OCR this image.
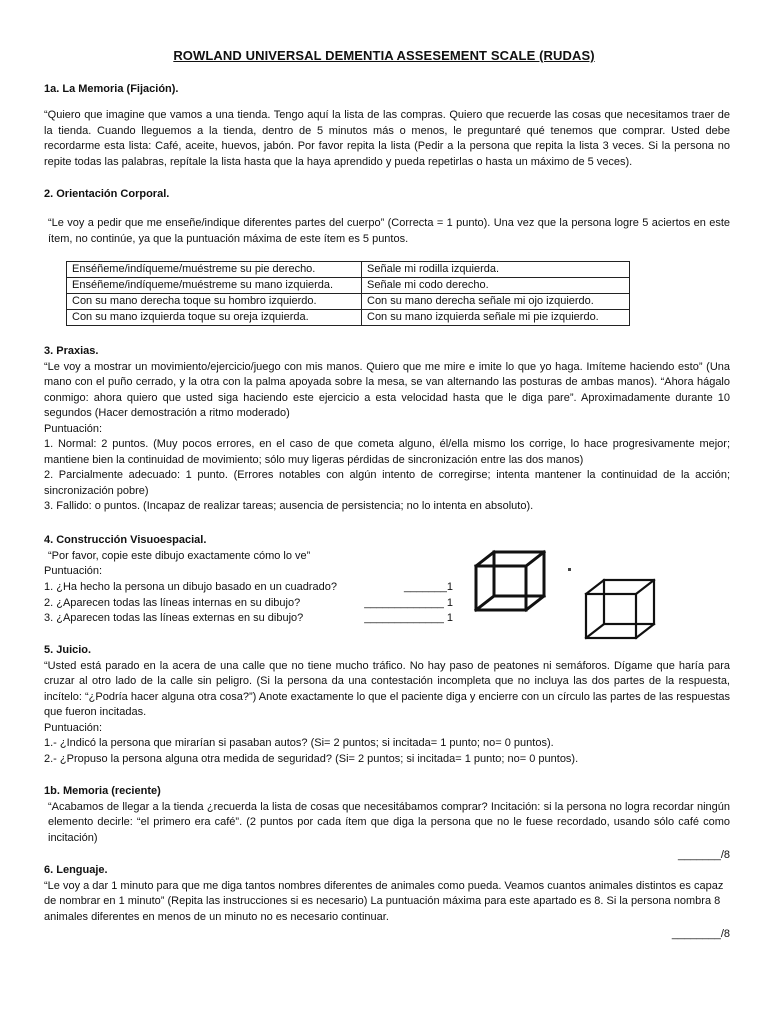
ROWLAND UNIVERSAL DEMENTIA ASSESEMENT SCALE (RUDAS)

1a. La Memoria (Fijación).

“Quiero que imagine que vamos a una tienda. Tengo aquí la lista de las compras. Quiero que recuerde las cosas que necesitamos traer de la tienda. Cuando lleguemos a la tienda, dentro de 5 minutos más o menos, le preguntaré qué tenemos que comprar. Usted debe recordarme esta lista: Café, aceite, huevos, jabón. Por favor repita la lista (Pedir a la persona que repita la lista 3 veces. Si la persona no repite todas las palabras, repítale la lista hasta que la haya aprendido y pueda repetirlas o hasta un máximo de 5 veces).

2. Orientación Corporal.

“Le voy a pedir que me enseñe/indique diferentes partes del cuerpo” (Correcta = 1 punto). Una vez que la persona logre 5 aciertos en este ítem, no continúe, ya que la puntuación máxima de este ítem es 5 puntos.

Enséñeme/indíqueme/muéstreme su pie derecho.	Señale mi rodilla izquierda.
Enséñeme/indíqueme/muéstreme su mano izquierda.	Señale mi codo derecho.
Con su mano derecha toque su hombro izquierdo.	Con su mano derecha señale mi ojo izquierdo.
Con su mano izquierda toque su oreja izquierda.	Con su mano izquierda señale mi pie izquierdo.

3. Praxias.

“Le voy a mostrar un movimiento/ejercicio/juego con mis manos. Quiero que me mire e imite lo que yo haga. Imíteme haciendo esto” (Una mano con el puño cerrado, y la otra con la palma apoyada sobre la mesa, se van alternando las posturas de ambas manos). “Ahora hágalo conmigo: ahora quiero que usted siga haciendo este ejercicio a esta velocidad hasta que le diga pare”. Aproximadamente durante 10 segundos (Hacer demostración a ritmo moderado)

Puntuación:

1. Normal: 2 puntos. (Muy pocos errores, en el caso de que cometa alguno, él/ella mismo los corrige, lo hace progresivamente mejor; mantiene bien la continuidad de movimiento; sólo muy ligeras pérdidas de sincronización entre las dos manos)

2. Parcialmente adecuado: 1 punto. (Errores notables con algún intento de corregirse; intenta mantener la continuidad de la acción; sincronización pobre)

3. Fallido: o puntos. (Incapaz de realizar tareas; ausencia de persistencia; no lo intenta en absoluto).

4. Construcción Visuoespacial.

“Por favor, copie este dibujo exactamente cómo lo ve”

Puntuación:

1. ¿Ha hecho la persona un dibujo basado en un cuadrado?	_______1
2. ¿Aparecen todas las líneas internas en su dibujo?	_____________ 1
3. ¿Aparecen todas las líneas externas en su dibujo?	_____________ 1

5. Juicio.

“Usted está parado en la acera de una calle que no tiene mucho tráfico. No hay paso de peatones ni semáforos. Dígame que haría para cruzar al otro lado de la calle sin peligro. (Si la persona da una contestación incompleta que no incluya las dos partes de la respuesta, incítelo: “¿Podría hacer alguna otra cosa?”) Anote exactamente lo que el paciente diga y encierre con un círculo las partes de las respuestas que fueron incitadas.

Puntuación:

1.- ¿Indicó la persona que mirarían si pasaban autos? (Si= 2 puntos; si incitada= 1 punto; no= 0 puntos).

2.- ¿Propuso la persona alguna otra medida de seguridad? (Si= 2 puntos; si incitada= 1 punto; no= 0 puntos).

1b. Memoria (reciente)

“Acabamos de llegar a la tienda ¿recuerda la lista de cosas que necesitábamos comprar? Incitación: si la persona no logra recordar ningún elemento decirle: “el primero era café”. (2 puntos por cada ítem que diga la persona que no le fuese recordado, usando sólo café como incitación)

_______/8

6. Lenguaje.

“Le voy a dar 1 minuto para que me diga tantos nombres diferentes de animales como pueda. Veamos cuantos animales distintos es capaz de nombrar en 1 minuto” (Repita las instrucciones si es necesario) La puntuación máxima para este apartado es 8. Si la persona nombra 8 animales diferentes en menos de un minuto no es necesario continuar.

________/8
